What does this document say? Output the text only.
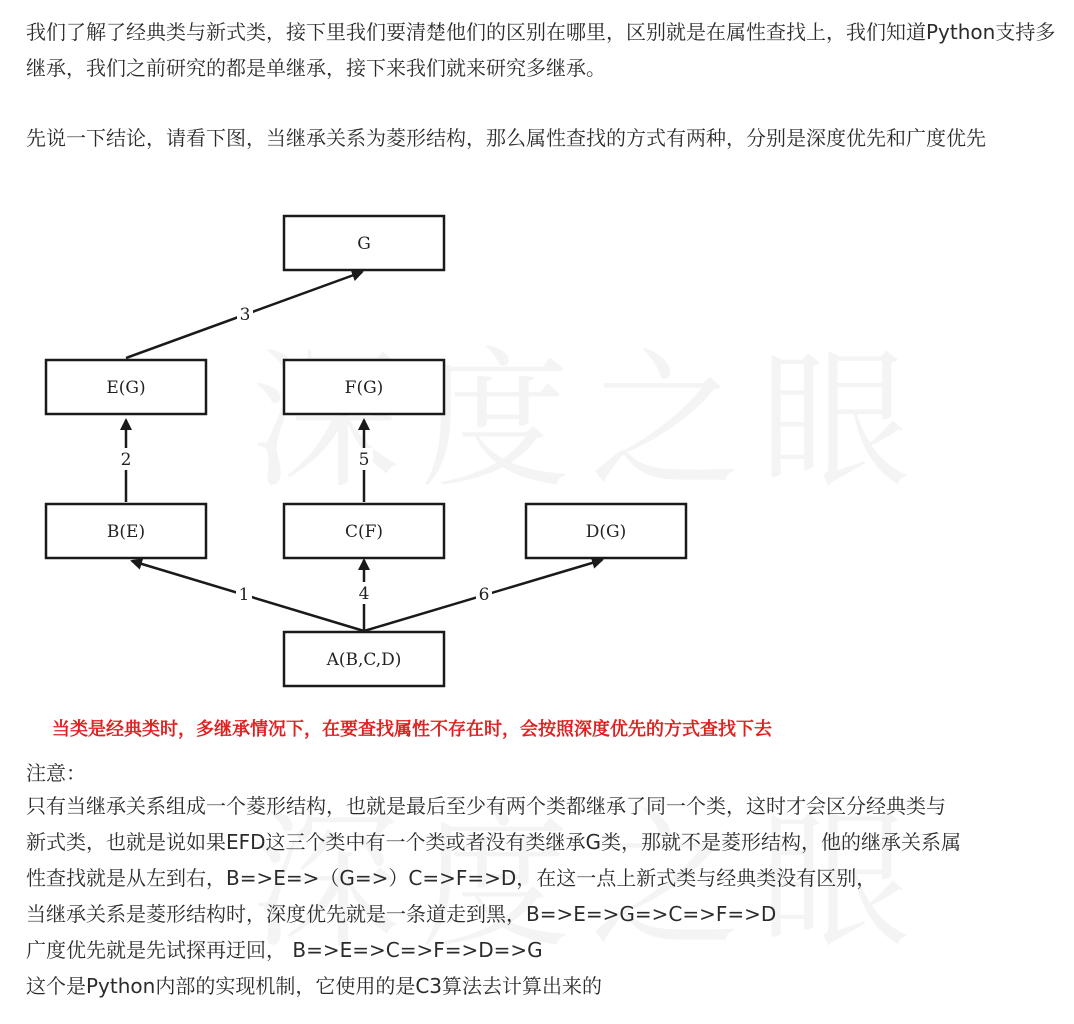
我们了解了经典类与新式类，接下里我们要清楚他们的区别在哪里，区别就是在属性查找上，我们知道Python支持多继承，我们之前研究的都是单继承，接下来我们就来研究多继承。

先说一下结论，请看下图，当继承关系为菱形结构，那么属性查找的方式有两种，分别是深度优先和广度优先

1
2
3
4
5
6
G
E(G)	F(G)
B(E)	C(F)	D(G)
A(B,C,D)
当类是经典类时，多继承情况下，在要查找属性不存在时，会按照深度优先的方式查找下去
注意：
只有当继承关系组成一个菱形结构，也就是最后至少有两个类都继承了同一个类，这时才会区分经典类与
新式类，也就是说如果EFD这三个类中有一个类或者没有类继承G类，那就不是菱形结构，他的继承关系属
性查找就是从左到右，B=>E=>（G=>）C=>F=>D，在这一点上新式类与经典类没有区别，
当继承关系是菱形结构时，深度优先就是一条道走到黑，B=>E=>G=>C=>F=>D
广度优先就是先试探再迂回， B=>E=>C=>F=>D=>G
这个是Python内部的实现机制，它使用的是C3算法去计算出来的
